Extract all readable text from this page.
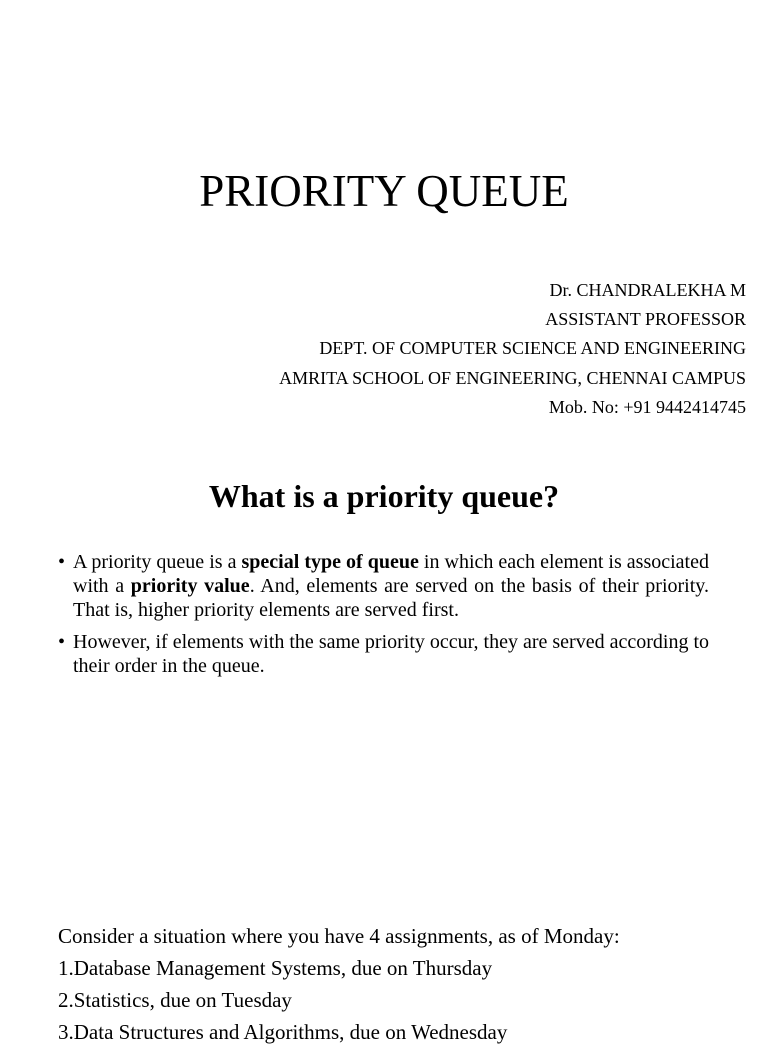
PRIORITY QUEUE
Dr. CHANDRALEKHA M
ASSISTANT PROFESSOR
DEPT. OF COMPUTER SCIENCE AND ENGINEERING
AMRITA SCHOOL OF ENGINEERING, CHENNAI CAMPUS
Mob. No: +91 9442414745
What is a priority queue?
• A priority queue is a special type of queue in which each element is associated with a priority value. And, elements are served on the basis of their priority. That is, higher priority elements are served first.
• However, if elements with the same priority occur, they are served according to their order in the queue.
Consider a situation where you have 4 assignments, as of Monday:
1.Database Management Systems, due on Thursday
2.Statistics, due on Tuesday
3.Data Structures and Algorithms, due on Wednesday
